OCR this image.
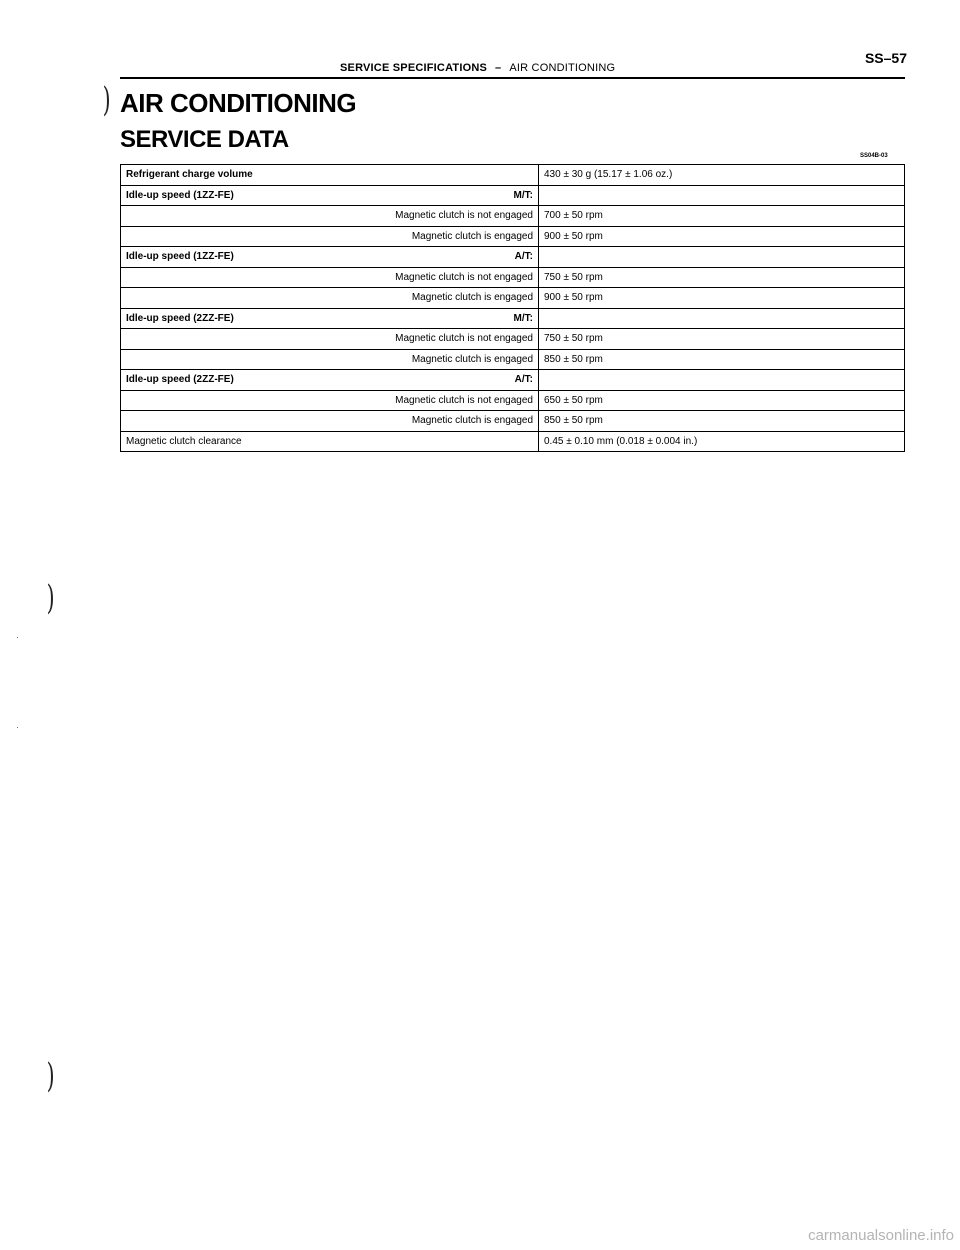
SERVICE SPECIFICATIONS – AIR CONDITIONING
SS–57
AIR CONDITIONING
SERVICE DATA
SS04B-03
Refrigerant charge volume	430 ± 30 g (15.17 ± 1.06 oz.)

Idle-up speed (1ZZ-FE) M/T:	

Magnetic clutch is not engaged	700 ± 50 rpm
Magnetic clutch is engaged	900 ± 50 rpm

Idle-up speed (1ZZ-FE) A/T:	

Magnetic clutch is not engaged	750 ± 50 rpm
Magnetic clutch is engaged	900 ± 50 rpm

Idle-up speed (2ZZ-FE) M/T:	

Magnetic clutch is not engaged	750 ± 50 rpm
Magnetic clutch is engaged	850 ± 50 rpm

Idle-up speed (2ZZ-FE) A/T:	

Magnetic clutch is not engaged	650 ± 50 rpm
Magnetic clutch is engaged	850 ± 50 rpm

Magnetic clutch clearance	0.45 ± 0.10 mm (0.018 ± 0.004 in.)
)
)
)
·
·
carmanualsonline.info
